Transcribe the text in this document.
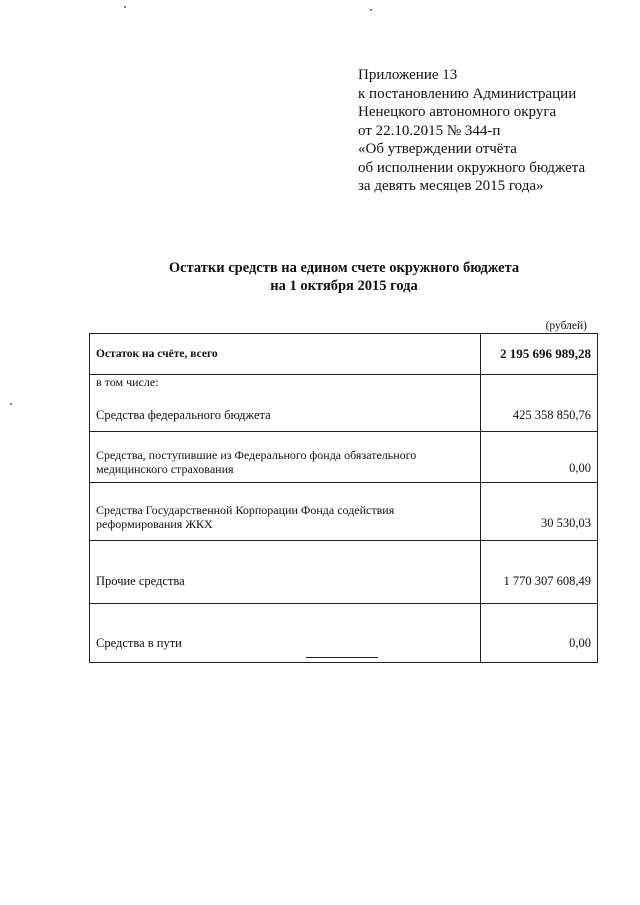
Приложение 13
к постановлению Администрации
Ненецкого автономного округа
от 22.10.2015 № 344-п
«Об утверждении отчёта
об исполнении окружного бюджета
за девять месяцев 2015 года»
Остатки средств на едином счете окружного бюджета
на 1 октября 2015 года
(рублей)
Остаток на счёте, всего	2 195 696 989,28

в том числе:
Средства федерального бюджета	425 358 850,76
Средства, поступившие из Федерального фонда обязательного медицинского страхования	0,00
Средства Государственной Корпорации Фонда содействия реформирования ЖКХ	30 530,03
Прочие средства	1 770 307 608,49
Средства в пути	0,00
